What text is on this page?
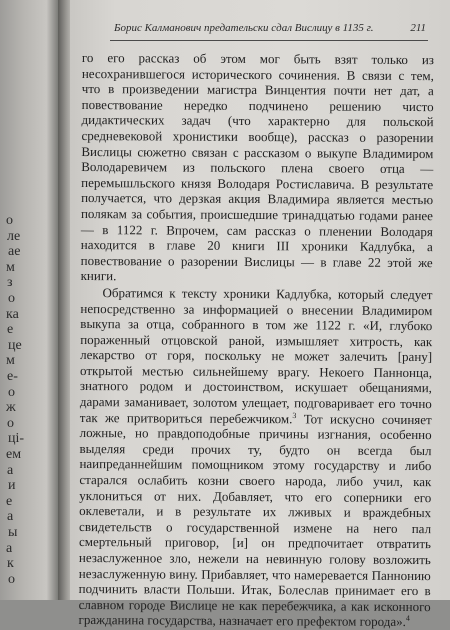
о
ле
ае
м
з
о
ка
е
це
м
е-
о
ж
о
ці-
ем
а
и
е
а
ы
а
к
о
Борис Калманович предательски сдал Вислицу в 1135 г.	211

го его рассказ об этом мог быть взят только из несохранившегося исторического сочинения. В связи с тем, что в произведении магистра Винцентия почти нет дат, а повествование нередко подчинено решению чисто дидактических задач (что характерно для польской средневековой хронистики вообще), рассказ о разорении Вислицы сюжетно связан с рассказом о выкупе Владимиром Володаревичем из польского плена своего отца — перемышльского князя Володаря Ростиславича. В результате получается, что дерзкая акция Владимира является местью полякам за события, происшедшие тринадцатью годами ранее — в 1122 г. Впрочем, сам рассказ о пленении Володаря находится в главе 20 книги III хроники Кадлубка, а повествование о разорении Вислицы — в главе 22 этой же книги.

Обратимся к тексту хроники Кадлубка, который следует непосредственно за информацией о внесении Владимиром выкупа за отца, собранного в том же 1122 г. «И, глубоко пораженный отцовской раной, измышляет хитрость, как лекарство от горя, поскольку не может залечить [рану] открытой местью сильнейшему врагу. Некоего Паннонца, знатного родом и достоинством, искушает обещаниями, дарами заманивает, золотом улещает, подговаривает его точно так же притвориться перебежчиком.$^3$ Тот искусно сочиняет ложные, но правдоподобные причины изгнания, особенно выделяя среди прочих ту, будто он всегда был наипреданнейшим помощником этому государству и либо старался ослабить козни своего народа, либо учил, как уклониться от них. Добавляет, что его соперники его оклеветали, и в результате их лживых и враждебных свидетельств о государственной измене на него пал смертельный приговор, [и] он предпочитает отвратить незаслуженное зло, нежели на невинную голову возложить незаслуженную вину. Прибавляет, что намеревается Паннонию подчинить власти Польши. Итак, Болеслав принимает его в славном городе Вислице не как перебежчика, а как исконного гражданина государства, назначает его префектом города».$^4$
